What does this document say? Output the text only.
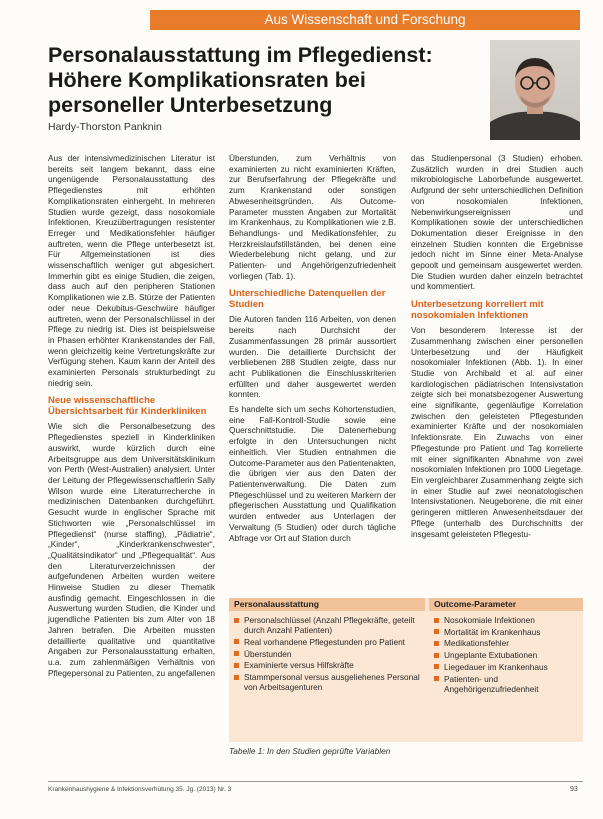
Aus Wissenschaft und Forschung
Personalausstattung im Pflegedienst:
Höhere Komplikationsraten bei
personeller Unterbesetzung
Hardy-Thorston Panknin

Aus der intensivmedizinischen Literatur ist bereits seit langem bekannt, dass eine ungenügende Personalausstattung des Pflegedienstes mit erhöhten Komplikationsraten einhergeht. In mehreren Studien wurde gezeigt, dass nosokomiale Infektionen, Kreuzübertragungen resistenter Erreger und Medikationsfehler häufiger auftreten, wenn die Pflege unterbesetzt ist. Für Allgemeinstationen ist dies wissenschaftlich weniger gut abgesichert. Immerhin gibt es einige Studien, die zeigen, dass auch auf den peripheren Stationen Komplikationen wie z.B. Stürze der Patienten oder neue Dekubitus-Geschwüre häufiger auftreten, wenn der Personalschlüssel in der Pflege zu niedrig ist. Dies ist beispielsweise in Phasen erhöhter Krankenstandes der Fall, wenn gleichzeitig keine Vertretungskräfte zur Verfügung stehen. Kaum kann der Anteil des examinierten Personals strukturbedingt zu niedrig sein.

Neue wissenschaftliche Übersichtsarbeit für Kinderkliniken

Wie sich die Personalbesetzung des Pflegedienstes speziell in Kinderkliniken auswirkt, wurde kürzlich durch eine Arbeitsgruppe aus dem Universitätsklinikum von Perth (West-Australien) analysiert. Unter der Leitung der Pflegewissenschaftlerin Sally Wilson wurde eine Literaturrecherche in medizinischen Datenbanken durchgeführt. Gesucht wurde in englischer Sprache mit Stichworten wie „Personalschlüssel im Pflegedienst“ (nurse staffing), „Pädiatrie“, „Kinder“, „Kinderkrankenschwester“, „Qualitätsindikator“ und „Pflegequalität“. Aus den Literaturverzeichnissen der aufgefundenen Arbeiten wurden weitere Hinweise Studien zu dieser Thematik ausfindig gemacht. Eingeschlossen in die Auswertung wurden Studien, die Kinder und jugendliche Patienten bis zum Alter von 18 Jahren betrafen. Die Arbeiten mussten detaillierte qualitative und quantitative Angaben zur Personalausstattung erhalten, u.a. zum zahlenmäßigen Verhältnis von Pflegepersonal zu Patienten, zu angefallenen

Überstunden, zum Verhältnis von examinierten zu nicht examinierten Kräften, zur Berufserfahrung der Pflegekräfte und zum Krankenstand oder sonstigen Abwesenheitsgründen. Als Outcome-Parameter mussten Angaben zur Mortalität im Krankenhaus, zu Komplikationen wie z.B. Behandlungs- und Medikationsfehler, zu Herzkreislaufstillständen, bei denen eine Wiederbelebung nicht gelang, und zur Patienten- und Angehörigenzufriedenheit vorliegen (Tab. 1).

Unterschiedliche Datenquellen der Studien

Die Autoren fanden 116 Arbeiten, von denen bereits nach Durchsicht der Zusammenfassungen 28 primär aussortiert wurden. Die detaillierte Durchsicht der verbliebenen 288 Studien zeigte, dass nur acht Publikationen die Einschlusskriterien erfüllten und daher ausgewertet werden konnten.

Es handelte sich um sechs Kohortenstudien, eine Fall-Kontroll-Studie sowie eine Querschnittstudie. Die Datenerhebung erfolgte in den Untersuchungen nicht einheitlich. Vier Studien entnahmen die Outcome-Parameter aus den Patientenakten, die übrigen vier aus den Daten der Patientenverwaltung. Die Daten zum Pflegeschlüssel und zu weiteren Markern der pflegerischen Ausstattung und Qualifikation wurden entweder aus Unterlagen der Verwaltung (5 Studien) oder durch tägliche Abfrage vor Ort auf Station durch

das Studienpersonal (3 Studien) erhoben. Zusätzlich wurden in drei Studien auch mikrobiologische Laborbefunde ausgewertet. Aufgrund der sehr unterschiedlichen Definition von nosokomialen Infektionen, Nebenwirkungsereignissen und Komplikationen sowie der unterschiedlichen Dokumentation dieser Ereignisse in den einzelnen Studien konnten die Ergebnisse jedoch nicht im Sinne einer Meta-Analyse gepoolt und gemeinsam ausgewertet werden. Die Studien wurden daher einzeln betrachtet und kommentiert.

Unterbesetzung korreliert mit nosokomialen Infektionen

Von besonderem Interesse ist der Zusammenhang zwischen einer personellen Unterbesetzung und der Häufigkeit nosokomialer Infektionen (Abb. 1). In einer Studie von Archibald et al. auf einer kardiologischen pädiatrischen Intensivstation zeigte sich bei monatsbezogener Auswertung eine signifikante, gegenläufige Korrelation zwischen den geleisteten Pflegestunden examinierter Kräfte und der nosokomialen Infektionsrate. Ein Zuwachs von einer Pflegestunde pro Patient und Tag korrelierte mit einer signifikanten Abnahme von zwei nosokomialen Infektionen pro 1000 Liegetage. Ein vergleichbarer Zusammenhang zeigte sich in einer Studie auf zwei neonatologischen Intensivstationen. Neugeborene, die mit einer geringeren mittleren Anwesenheitsdauer der Pflege (unterhalb des Durchschnitts der insgesamt geleisteten Pflegestu-

Personalausstattung	Outcome-Parameter
Personalschlüssel (Anzahl Pflegekräfte, geteilt durch Anzahl Patienten)
Real vorhandene Pflegestunden pro Patient
Überstunden
Examinierte versus Hilfskräfte
Stammpersonal versus ausgeliehenes Personal von Arbeitsagenturen
Nosokomiale Infektionen
Mortalität im Krankenhaus
Medikationsfehler
Ungeplante Extubationen
Liegedauer im Krankenhaus
Patienten- und Angehörigenzufriedenheit
Tabelle 1: In den Studien geprüfte Variablen
Krankenhaushygiene & Infektionsverhütung 35. Jg. (2013) Nr. 3	93
